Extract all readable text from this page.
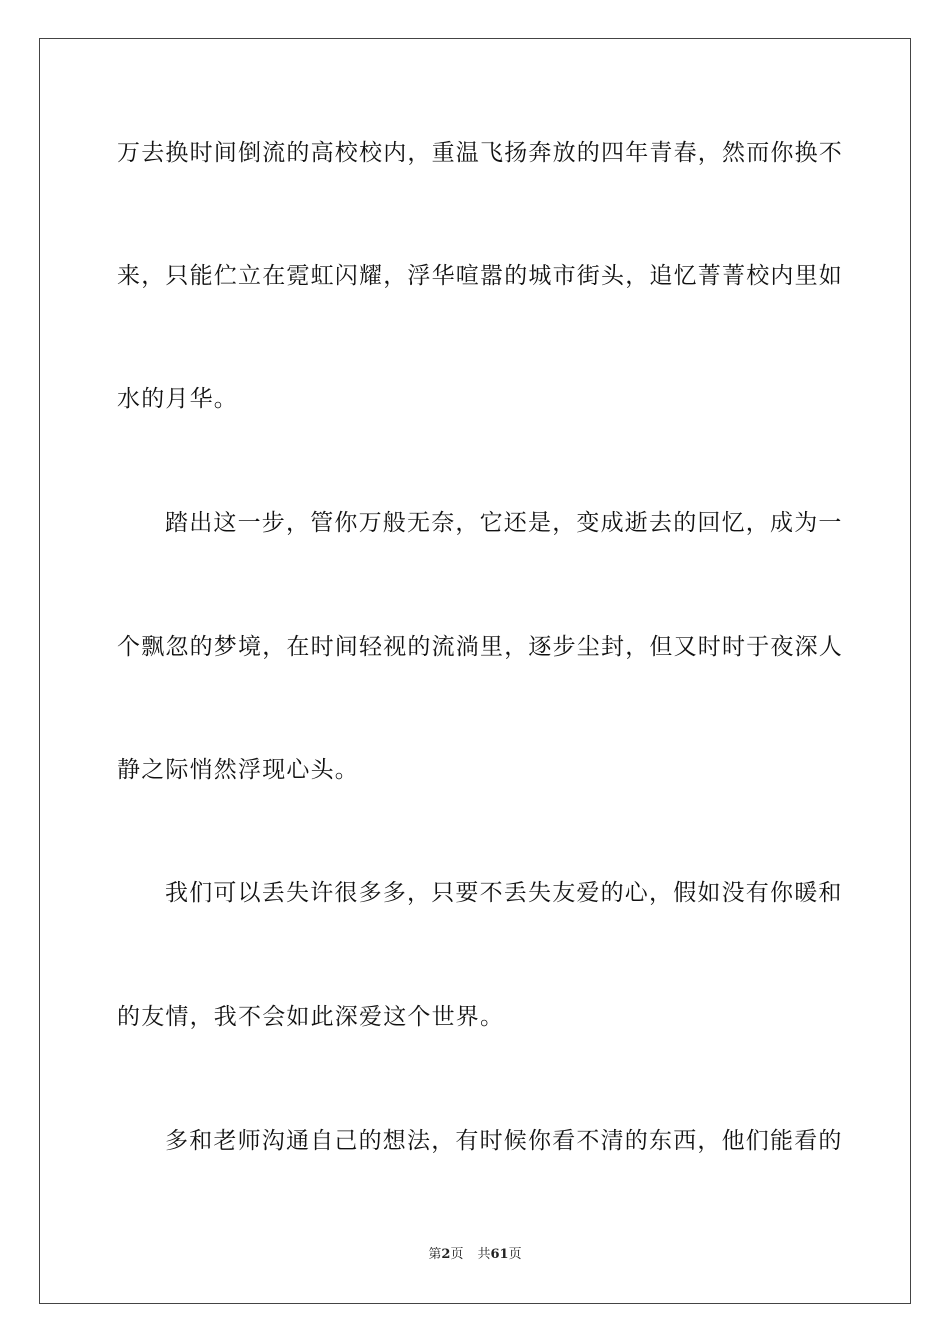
万去换时间倒流的高校校内，重温飞扬奔放的四年青春，然而你换不
来，只能伫立在霓虹闪耀，浮华喧嚣的城市街头，追忆菁菁校内里如
水的月华。
踏出这一步，管你万般无奈，它还是，变成逝去的回忆，成为一
个飘忽的梦境，在时间轻视的流淌里，逐步尘封，但又时时于夜深人
静之际悄然浮现心头。
我们可以丢失许很多多，只要不丢失友爱的心，假如没有你暖和
的友情，我不会如此深爱这个世界。
多和老师沟通自己的想法，有时候你看不清的东西，他们能看的
第2页 共61页
